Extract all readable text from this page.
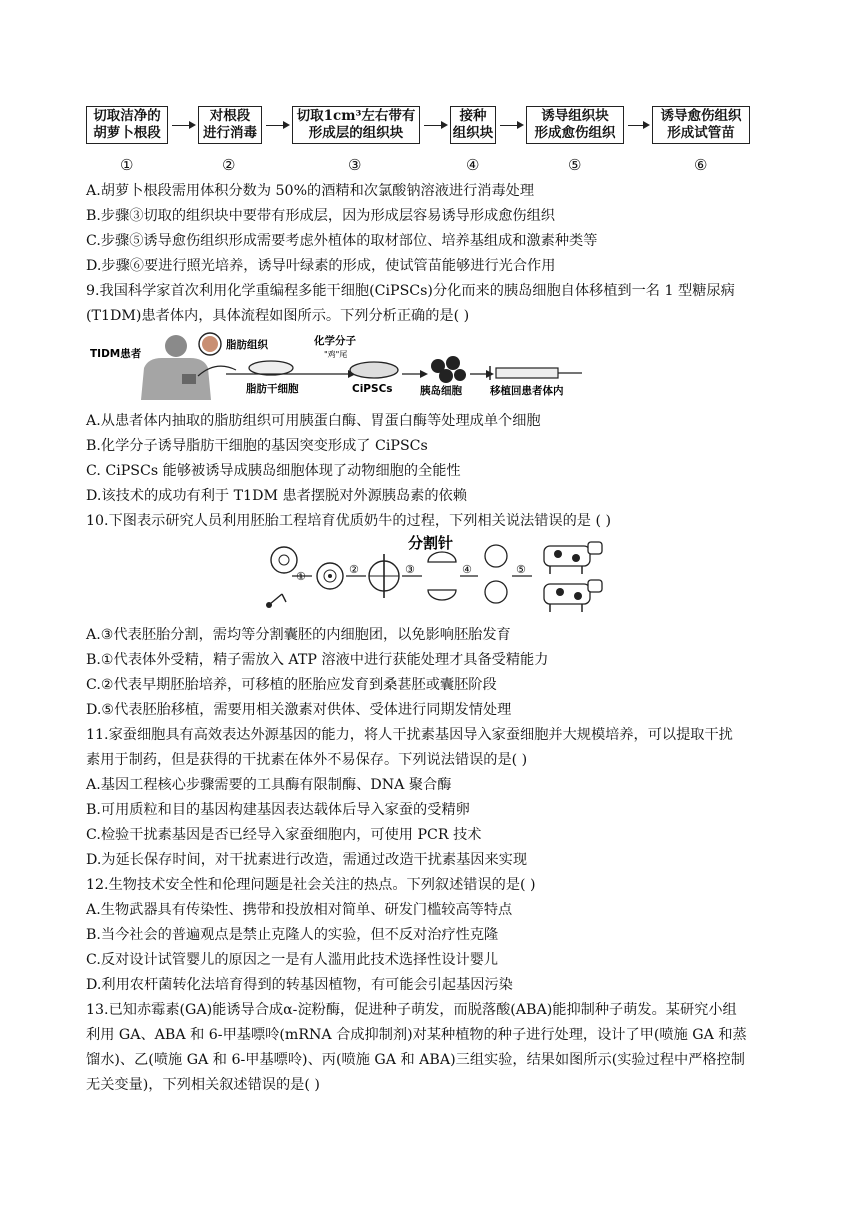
切取洁净的
胡萝卜根段
对根段
进行消毒
切取1cm³左右带有
形成层的组织块
接种
组织块
诱导组织块
形成愈伤组织
诱导愈伤组织
形成试管苗
①	②	③	④	⑤	⑥
A.胡萝卜根段需用体积分数为 50%的酒精和次氯酸钠溶液进行消毒处理
B.步骤③切取的组织块中要带有形成层，因为形成层容易诱导形成愈伤组织
C.步骤⑤诱导愈伤组织形成需要考虑外植体的取材部位、培养基组成和激素种类等
D.步骤⑥要进行照光培养，诱导叶绿素的形成，使试管苗能够进行光合作用
9.我国科学家首次利用化学重编程多能干细胞(CiPSCs)分化而来的胰岛细胞自体移植到一名 1 型糖尿病
(T1DM)患者体内，具体流程如图所示。下列分析正确的是( )
TIDM患者
脂肪组织
脂肪干细胞
化学分子
"鸡"尾
CiPSCs	胰岛细胞	移植回患者体内
A.从患者体内抽取的脂肪组织可用胰蛋白酶、胃蛋白酶等处理成单个细胞
B.化学分子诱导脂肪干细胞的基因突变形成了 CiPSCs
C. CiPSCs 能够被诱导成胰岛细胞体现了动物细胞的全能性
D.该技术的成功有利于 T1DM 患者摆脱对外源胰岛素的依赖
10.下图表示研究人员利用胚胎工程培育优质奶牛的过程，下列相关说法错误的是 ( )
①
②
分割针
③	④	⑤
A.③代表胚胎分割，需均等分割囊胚的内细胞团，以免影响胚胎发育
B.①代表体外受精，精子需放入 ATP 溶液中进行获能处理才具备受精能力
C.②代表早期胚胎培养，可移植的胚胎应发育到桑葚胚或囊胚阶段
D.⑤代表胚胎移植，需要用相关激素对供体、受体进行同期发情处理
11.家蚕细胞具有高效表达外源基因的能力，将人干扰素基因导入家蚕细胞并大规模培养，可以提取干扰
素用于制药，但是获得的干扰素在体外不易保存。下列说法错误的是( )
A.基因工程核心步骤需要的工具酶有限制酶、DNA 聚合酶
B.可用质粒和目的基因构建基因表达载体后导入家蚕的受精卵
C.检验干扰素基因是否已经导入家蚕细胞内，可使用 PCR 技术
D.为延长保存时间，对干扰素进行改造，需通过改造干扰素基因来实现
12.生物技术安全性和伦理问题是社会关注的热点。下列叙述错误的是( )
A.生物武器具有传染性、携带和投放相对简单、研发门槛较高等特点
B.当今社会的普遍观点是禁止克隆人的实验，但不反对治疗性克隆
C.反对设计试管婴儿的原因之一是有人滥用此技术选择性设计婴儿
D.利用农杆菌转化法培育得到的转基因植物，有可能会引起基因污染
13.已知赤霉素(GA)能诱导合成α-淀粉酶，促进种子萌发，而脱落酸(ABA)能抑制种子萌发。某研究小组
利用 GA、ABA 和 6-甲基嘌呤(mRNA 合成抑制剂)对某种植物的种子进行处理，设计了甲(喷施 GA 和蒸
馏水)、乙(喷施 GA 和 6-甲基嘌呤)、丙(喷施 GA 和 ABA)三组实验，结果如图所示(实验过程中严格控制
无关变量)，下列相关叙述错误的是( )
